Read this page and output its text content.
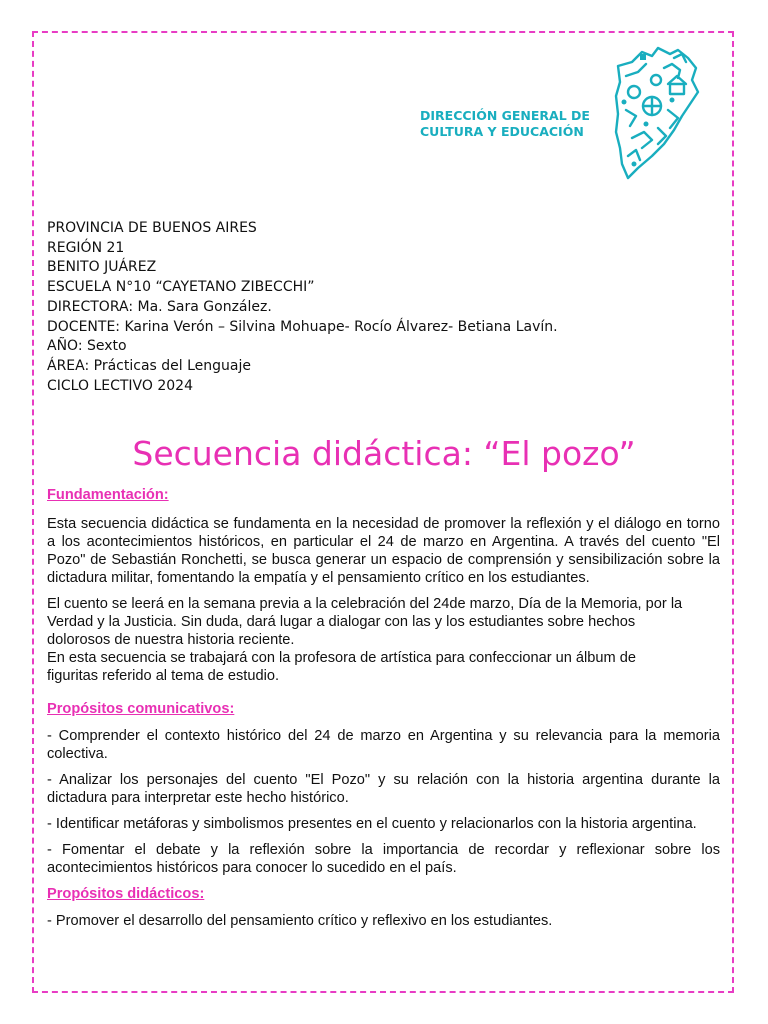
DIRECCIÓN GENERAL DE
CULTURA Y EDUCACIÓN
PROVINCIA DE BUENOS AIRES
REGIÓN 21
BENITO JUÁREZ
ESCUELA N°10 “CAYETANO ZIBECCHI”
DIRECTORA: Ma. Sara González.
DOCENTE: Karina Verón – Silvina Mohuape- Rocío Álvarez- Betiana Lavín.
AÑO: Sexto
ÁREA: Prácticas del Lenguaje
CICLO LECTIVO 2024
Secuencia didáctica: “El pozo”

Fundamentación:

Esta secuencia didáctica se fundamenta en la necesidad de promover la reflexión y el diálogo en torno a los acontecimientos históricos, en particular el 24 de marzo en Argentina. A través del cuento "El Pozo" de Sebastián Ronchetti, se busca generar un espacio de comprensión y sensibilización sobre la dictadura militar, fomentando la empatía y el pensamiento crítico en los estudiantes.

El cuento se leerá en la semana previa a la celebración del 24de marzo, Día de la Memoria, por la
Verdad y la Justicia. Sin duda, dará lugar a dialogar con las y los estudiantes sobre hechos
dolorosos de nuestra historia reciente.
En esta secuencia se trabajará con la profesora de artística para confeccionar un álbum de
figuritas referido al tema de estudio.

Propósitos comunicativos:

- Comprender el contexto histórico del 24 de marzo en Argentina y su relevancia para la memoria colectiva.

- Analizar los personajes del cuento "El Pozo" y su relación con la historia argentina durante la dictadura para interpretar este hecho histórico.

- Identificar metáforas y simbolismos presentes en el cuento y relacionarlos con la historia argentina.

- Fomentar el debate y la reflexión sobre la importancia de recordar y reflexionar sobre los acontecimientos históricos para conocer lo sucedido en el país.

Propósitos didácticos:

- Promover el desarrollo del pensamiento crítico y reflexivo en los estudiantes.
